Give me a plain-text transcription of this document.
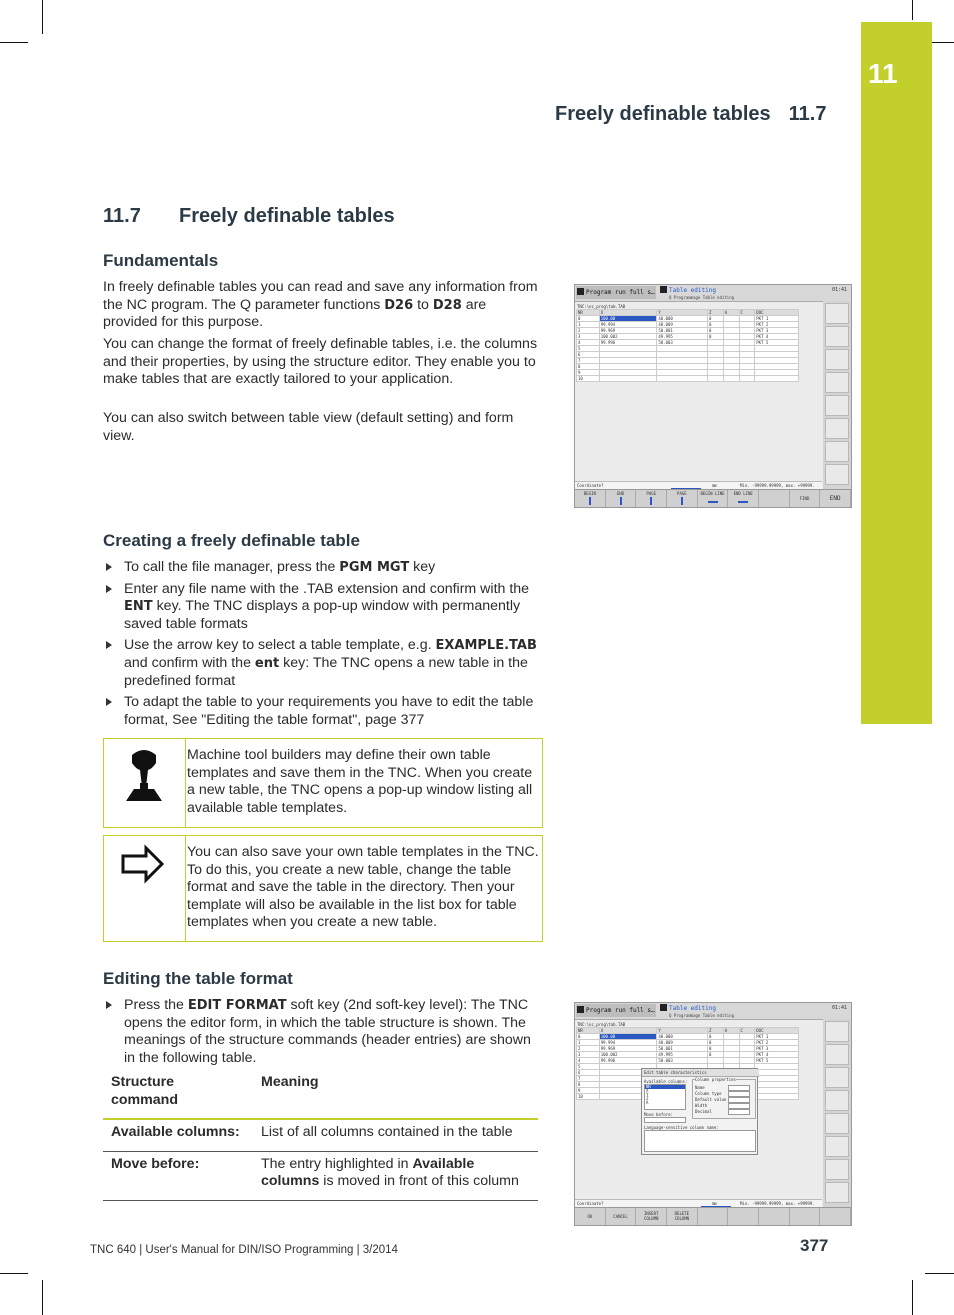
11
Freely definable tables 11.7
11.7 Freely definable tables
Fundamentals
In freely definable tables you can read and save any information from the NC program. The Q parameter functions D26 to D28 are provided for this purpose.
You can change the format of freely definable tables, i.e. the columns and their properties, by using the structure editor. They enable you to make tables that are exactly tailored to your application.
You can also switch between table view (default setting) and form view.
Program run full s…	Table editing
Q Programmage Table editing
01:41
TNC:\nc_prog\tab.TAB
NR	X	Y	Z	A	C	DOC
0	100.00	40.000	0			PKT 1
1	99.994	40.009	0			PKT 2
2	99.969	50.001	0			PKT 3
3	100.002	49.995	0			PKT 4
4	99.996	50.003				PKT 5
5						
6						
7						
8						
9						
10						
Coordinate?	mm	Min. -99999.99999, max. +99999.
BEGIN	END	PAGE	PAGE	BEGIN LINE	END LINE
FIND	END
Creating a freely definable table
To call the file manager, press the PGM MGT key
Enter any file name with the .TAB extension and confirm with the ENT key. The TNC displays a pop-up window with permanently saved table formats
Use the arrow key to select a table template, e.g. EXAMPLE.TAB and confirm with the ent key: The TNC opens a new table in the predefined format
To adapt the table to your requirements you have to edit the table format, See "Editing the table format", page 377
Machine tool builders may define their own table templates and save them in the TNC. When you create a new table, the TNC opens a pop-up window listing all available table templates.
You can also save your own table templates in the TNC. To do this, you create a new table, change the table format and save the table in the directory. Then your template will also be available in the list box for table templates when you create a new table.
Editing the table format
Press the EDIT FORMAT soft key (2nd soft-key level): The TNC opens the editor form, in which the table structure is shown. The meanings of the structure commands (header entries) are shown in the following table.
Structure command	Meaning
Available columns:	List of all columns contained in the table
Move before:	The entry highlighted in Available columns is moved in front of this column
Program run full s…	Table editing
Q Programmage Table editing
01:41
TNC:\nc_prog\tab.TAB
NR	X	Y	Z	A	C	DOC
0	100.00	40.000	0			PKT 1
1	99.994	40.009	0			PKT 2
2	99.969	50.001	0			PKT 3
3	100.002	49.995	0			PKT 4
4	99.996	50.003				PKT 5
5						
6						
7						
8						
9						
10						
Edit table characteristics
Available columns:
NR
X
Y
Z
A
Move before:
Column properties
Name
Column type
Default value
Width
Decimal
Language-sensitive column name:
Coordinate?	mm	Min. -99999.99999, max. +99999.
OK	CANCEL
INSERT COLUMN
DELETE COLUMN
TNC 640 | User's Manual for DIN/ISO Programming | 3/2014	377
